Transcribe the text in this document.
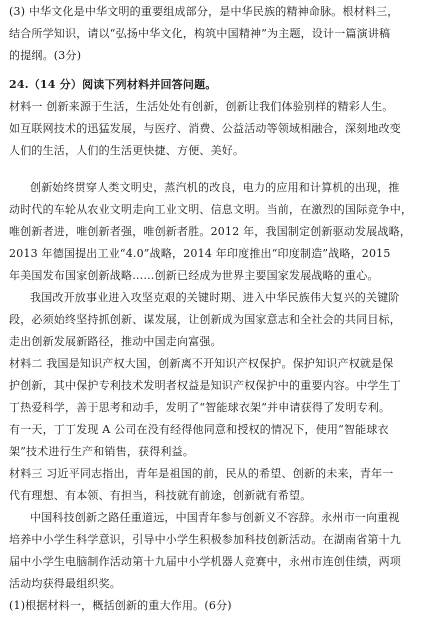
(3) 中华文化是中华文明的重要组成部分，是中华民族的精神命脉。根材料三，
结合所学知识，请以“弘扬中华文化，构筑中国精神”为主题，设计一篇演讲稿
的提纲。(3分)
24.（14 分）阅读下列材料并回答问题。
材料一 创新来源于生活，生活处处有创新，创新让我们体验别样的精彩人生。
如互联网技术的迅猛发展，与医疗、消费、公益活动等领域相融合，深刻地改变
人们的生活，人们的生活更快捷、方便、美好。
创新始终贯穿人类文明史，蒸汽机的改良，电力的应用和计算机的出现，推
动时代的车轮从农业文明走向工业文明、信息文明。当前，在激烈的国际竞争中，
唯创新者进，唯创新者强，唯创新者胜。2012 年，我国制定创新驱动发展战略，
2013 年德国提出工业“4.0”战略，2014 年印度推出“印度制造”战略，2015
年美国发布国家创新战略……创新已经成为世界主要国家发展战略的重心。
我国改开放事业进入攻坚克艰的关键时期、进入中华民族伟大复兴的关键阶
段，必须始终坚持抓创新、谋发展，让创新成为国家意志和全社会的共同目标，
走出创新发展新路径，推动中国走向富强。
材料二 我国是知识产权大国，创新离不开知识产权保护。保护知识产权就是保
护创新，其中保护专利技术发明者权益是知识产权保护中的重要内容。中学生丁
丁热爱科学，善于思考和动手，发明了“智能球衣架”并申请获得了发明专利。
有一天，丁丁发现 A 公司在没有经得他同意和授权的情况下，使用“智能球衣
架”技术进行生产和销售，获得利益。
材料三 习近平同志指出，青年是祖国的前，民从的希望、创新的未来，青年一
代有理想、有本领、有担当，科技就有前途，创新就有希望。
中国科技创新之路任重道远，中国青年参与创新义不容辞。永州市一向重视
培养中小学生科学意识，引导中小学生积极参加科技创新活动。在湖南省第十九
届中小学生电脑制作活动第十九届中小学机器人竞赛中，永州市连创佳绩，两项
活动均获得最组织奖。
(1)根据材料一，概括创新的重大作用。(6分)
